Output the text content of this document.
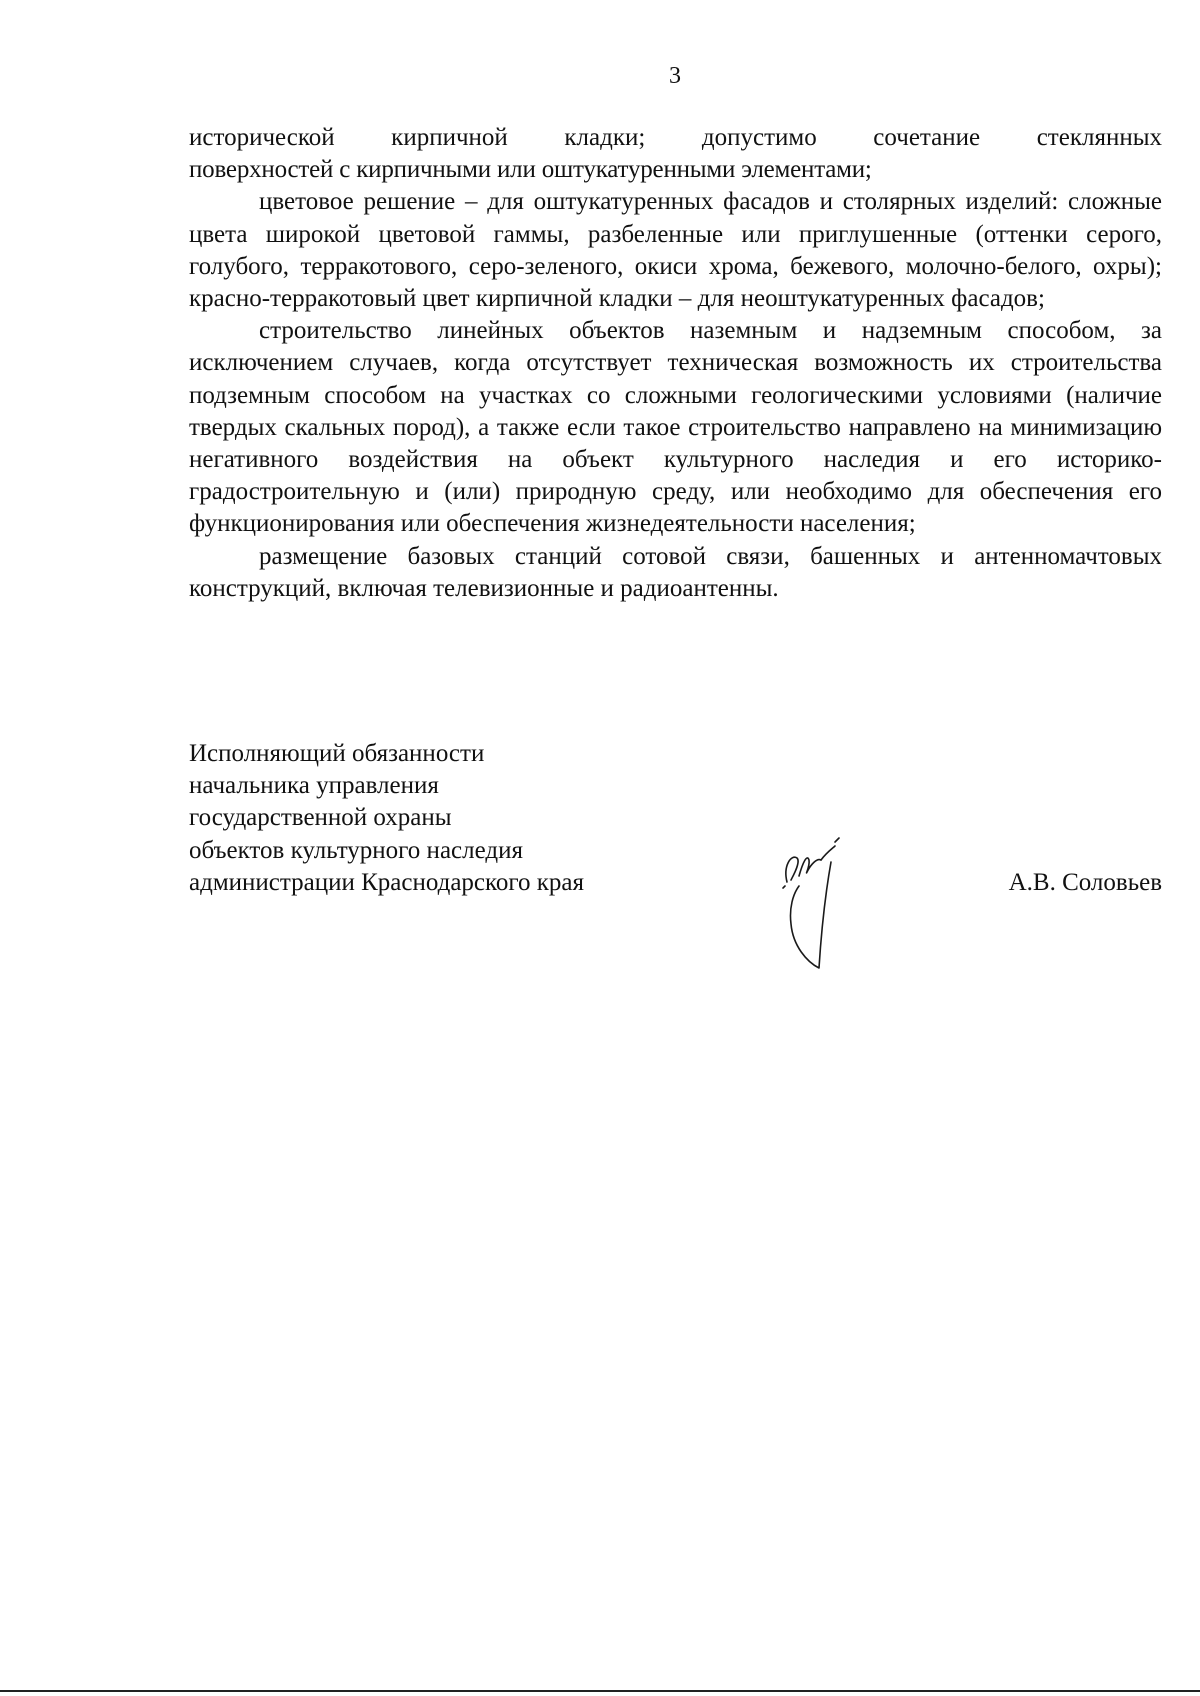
3

исторической кирпичной кладки; допустимо сочетание стеклянных

поверхностей с кирпичными или оштукатуренными элементами;

цветовое решение – для оштукатуренных фасадов и столярных изделий: сложные цвета широкой цветовой гаммы, разбеленные или приглушенные (оттенки серого, голубого, терракотового, серо-зеленого, окиси хрома, бежевого, молочно-белого, охры); красно-терракотовый цвет кирпичной кладки – для неоштукатуренных фасадов;

строительство линейных объектов наземным и надземным способом, за исключением случаев, когда отсутствует техническая возможность их строительства подземным способом на участках со сложными геологическими условиями (наличие твердых скальных пород), а также если такое строительство направлено на минимизацию негативного воздействия на объект культурного наследия и его историко-градостроительную и (или) природную среду, или необходимо для обеспечения его функционирования или обеспечения жизнедеятельности населения;

размещение базовых станций сотовой связи, башенных и антенномачтовых конструкций, включая телевизионные и радиоантенны.

Исполняющий обязанности
начальника управления
государственной охраны
объектов культурного наследия
администрации Краснодарского края	А.В. Соловьев
